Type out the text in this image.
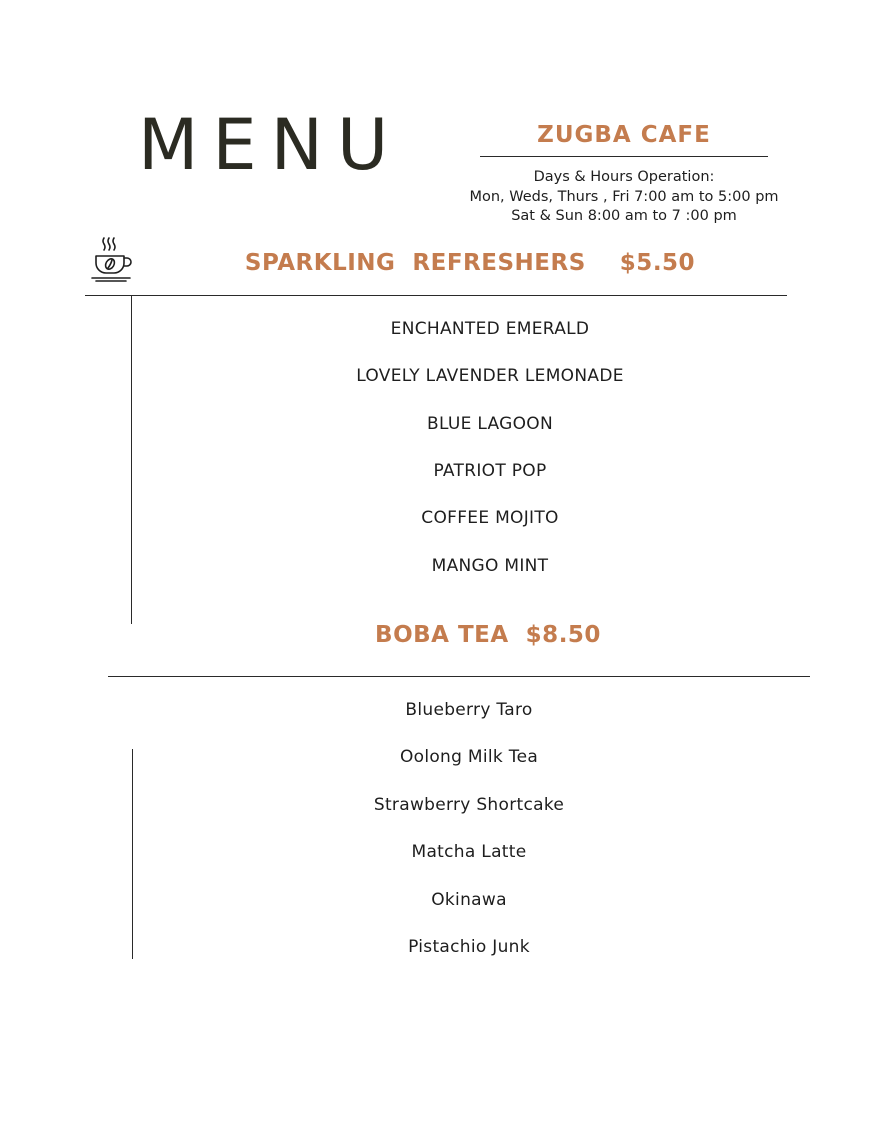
MENU	ZUGBA CAFE
Days & Hours Operation:
Mon, Weds, Thurs , Fri 7:00 am to 5:00 pm
Sat & Sun 8:00 am to 7 :00 pm
SPARKLING  REFRESHERS    $5.50
ENCHANTED EMERALD
LOVELY LAVENDER LEMONADE
BLUE LAGOON
PATRIOT POP
COFFEE MOJITO
MANGO MINT
BOBA TEA  $8.50
Blueberry Taro
Oolong Milk Tea
Strawberry Shortcake
Matcha Latte
Okinawa
Pistachio Junk
